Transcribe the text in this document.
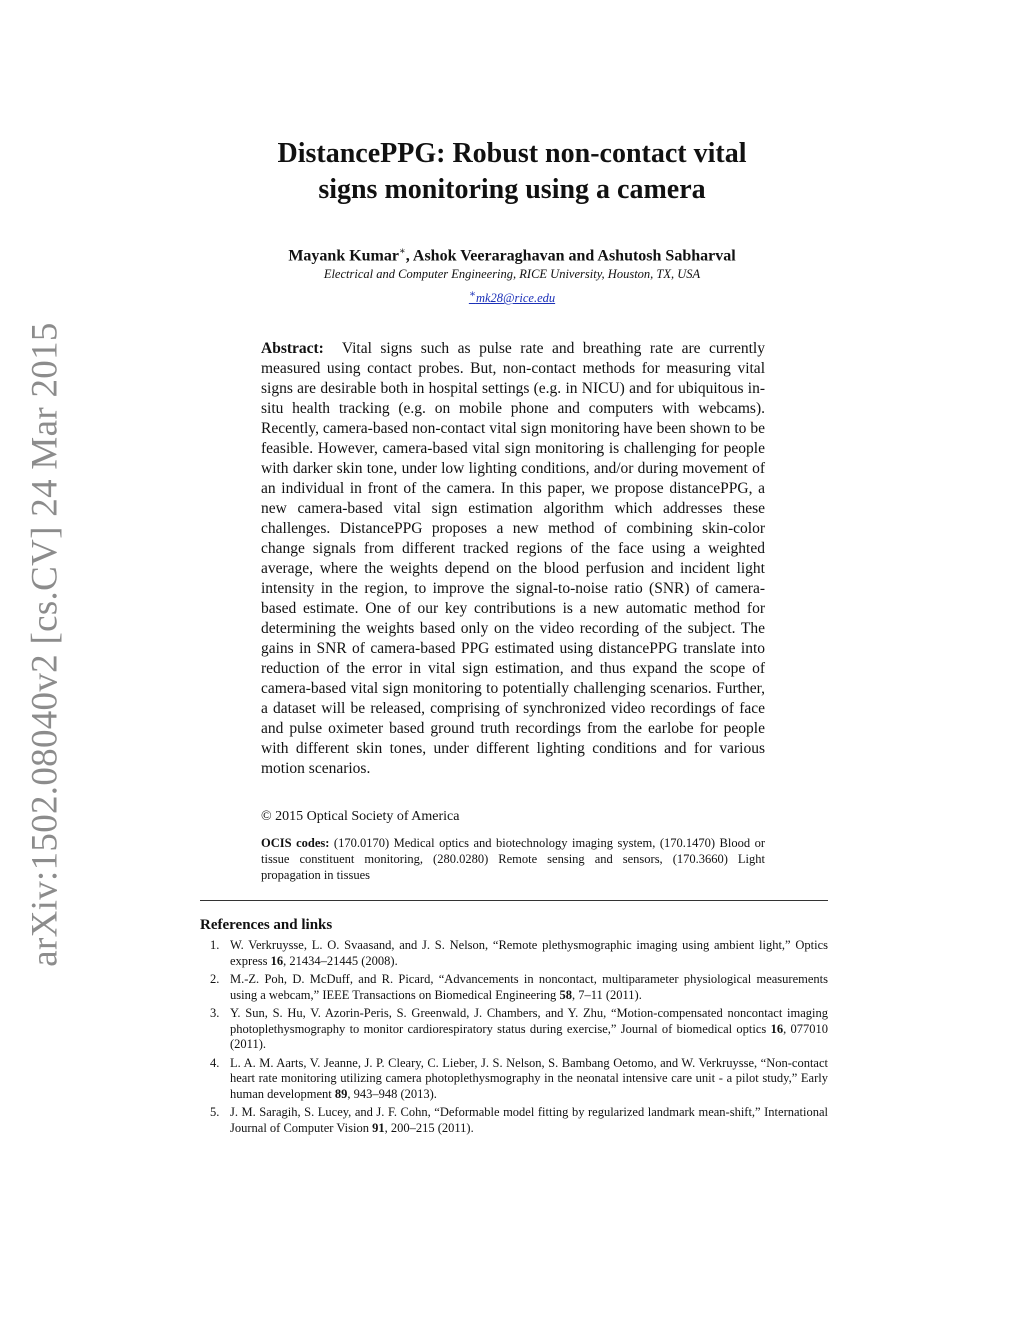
arXiv:1502.08040v2 [cs.CV] 24 Mar 2015
DistancePPG: Robust non-contact vital
signs monitoring using a camera
Mayank Kumar∗, Ashok Veeraraghavan and Ashutosh Sabharval
Electrical and Computer Engineering, RICE University, Houston, TX, USA
∗mk28@rice.edu

Abstract: Vital signs such as pulse rate and breathing rate are currently measured using contact probes. But, non-contact methods for measuring vital signs are desirable both in hospital settings (e.g. in NICU) and for ubiquitous in-situ health tracking (e.g. on mobile phone and computers with webcams). Recently, camera-based non-contact vital sign monitoring have been shown to be feasible. However, camera-based vital sign monitoring is challenging for people with darker skin tone, under low lighting conditions, and/or during movement of an individual in front of the camera. In this paper, we propose distancePPG, a new camera-based vital sign estimation algorithm which addresses these challenges. DistancePPG proposes a new method of combining skin-color change signals from different tracked regions of the face using a weighted average, where the weights depend on the blood perfusion and incident light intensity in the region, to improve the signal-to-noise ratio (SNR) of camera-based estimate. One of our key contributions is a new automatic method for determining the weights based only on the video recording of the subject. The gains in SNR of camera-based PPG estimated using distancePPG translate into reduction of the error in vital sign estimation, and thus expand the scope of camera-based vital sign monitoring to potentially challenging scenarios. Further, a dataset will be released, comprising of synchronized video recordings of face and pulse oximeter based ground truth recordings from the earlobe for people with different skin tones, under different lighting conditions and for various motion scenarios.

© 2015 Optical Society of America

OCIS codes: (170.0170) Medical optics and biotechnology imaging system, (170.1470) Blood or tissue constituent monitoring, (280.0280) Remote sensing and sensors, (170.3660) Light propagation in tissues

References and links
1. W. Verkruysse, L. O. Svaasand, and J. S. Nelson, “Remote plethysmographic imaging using ambient light,” Optics express 16, 21434–21445 (2008).
2. M.-Z. Poh, D. McDuff, and R. Picard, “Advancements in noncontact, multiparameter physiological measurements using a webcam,” IEEE Transactions on Biomedical Engineering 58, 7–11 (2011).
3. Y. Sun, S. Hu, V. Azorin-Peris, S. Greenwald, J. Chambers, and Y. Zhu, “Motion-compensated noncontact imaging photoplethysmography to monitor cardiorespiratory status during exercise,” Journal of biomedical optics 16, 077010 (2011).
4. L. A. M. Aarts, V. Jeanne, J. P. Cleary, C. Lieber, J. S. Nelson, S. Bambang Oetomo, and W. Verkruysse, “Non-contact heart rate monitoring utilizing camera photoplethysmography in the neonatal intensive care unit - a pilot study,” Early human development 89, 943–948 (2013).
5. J. M. Saragih, S. Lucey, and J. F. Cohn, “Deformable model fitting by regularized landmark mean-shift,” International Journal of Computer Vision 91, 200–215 (2011).
